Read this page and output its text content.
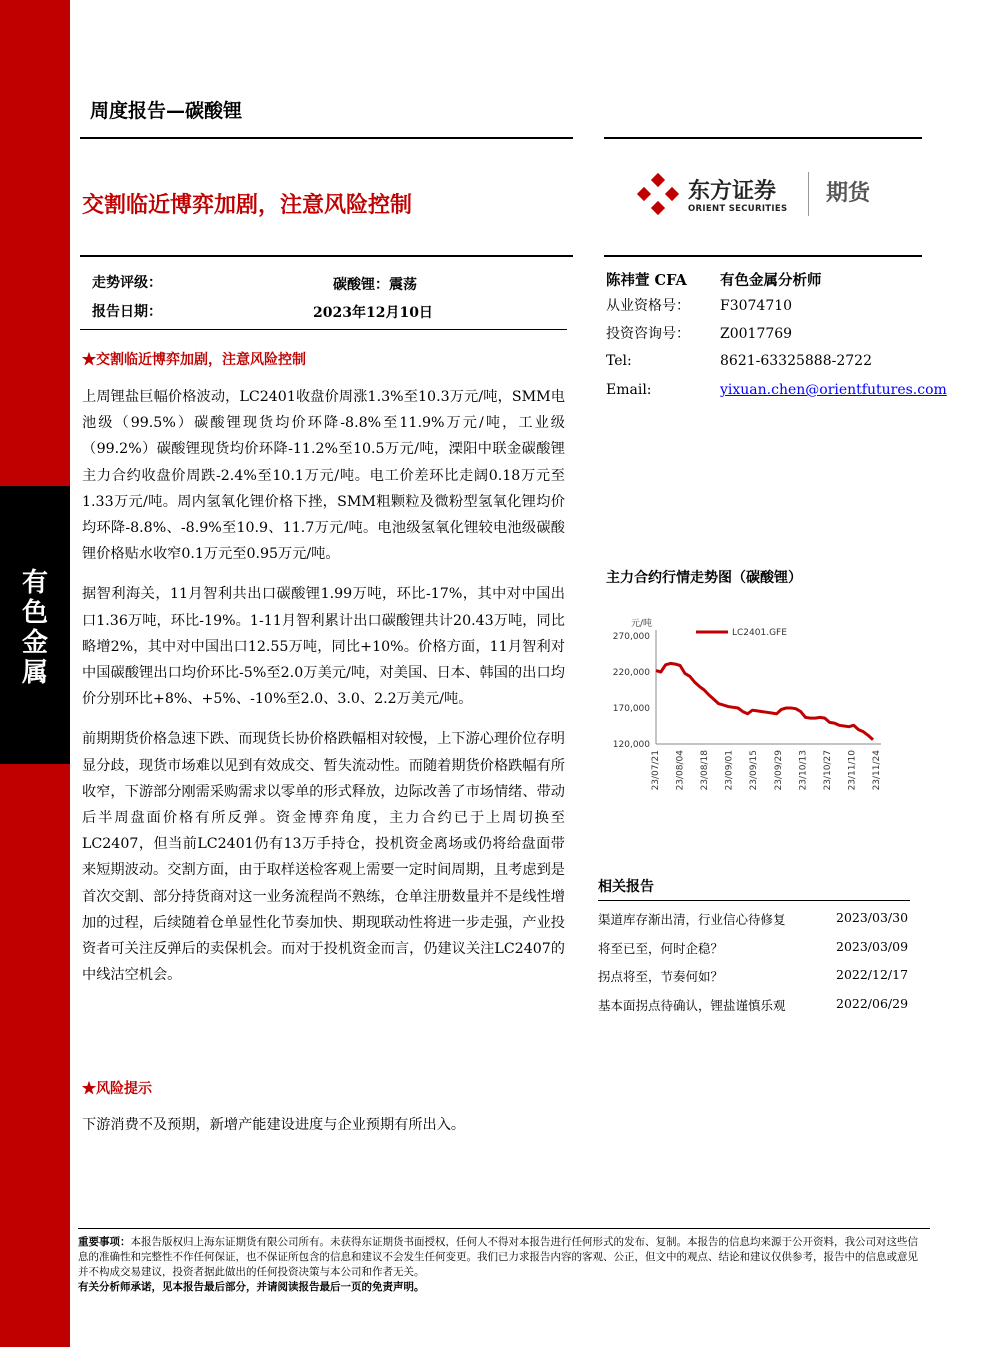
有
色
金
属
周度报告—碳酸锂
交割临近博弈加剧，注意风险控制
东方证券
ORIENT SECURITIES
期货
走势评级：	碳酸锂：震荡
报告日期：	2023年12月10日
陈祎萱 CFA 有色金属分析师
从业资格号： F3074710
投资咨询号： Z0017769
Tel:	8621-63325888-2722
Email:	yixuan.chen@orientfutures.com
★交割临近博弈加剧，注意风险控制

上周锂盐巨幅价格波动，LC2401收盘价周涨1.3%至10.3万元/吨，SMM电池级（99.5%）碳酸锂现货均价环降-8.8%至11.9%万元/吨，工业级（99.2%）碳酸锂现货均价环降-11.2%至10.5万元/吨，溧阳中联金碳酸锂主力合约收盘价周跌-2.4%至10.1万元/吨。电工价差环比走阔0.18万元至1.33万元/吨。周内氢氧化锂价格下挫，SMM粗颗粒及微粉型氢氧化锂均价均环降-8.8%、-8.9%至10.9、11.7万元/吨。电池级氢氧化锂较电池级碳酸锂价格贴水收窄0.1万元至0.95万元/吨。

据智利海关，11月智利共出口碳酸锂1.99万吨，环比-17%，其中对中国出口1.36万吨，环比-19%。1-11月智利累计出口碳酸锂共计20.43万吨，同比略增2%，其中对中国出口12.55万吨，同比+10%。价格方面，11月智利对中国碳酸锂出口均价环比-5%至2.0万美元/吨，对美国、日本、韩国的出口均价分别环比+8%、+5%、-10%至2.0、3.0、2.2万美元/吨。

前期期货价格急速下跌、而现货长协价格跌幅相对较慢，上下游心理价位存明显分歧，现货市场难以见到有效成交、暂失流动性。而随着期货价格跌幅有所收窄，下游部分刚需采购需求以零单的形式释放，边际改善了市场情绪、带动后半周盘面价格有所反弹。资金博弈角度，主力合约已于上周切换至LC2407，但当前LC2401仍有13万手持仓，投机资金离场或仍将给盘面带来短期波动。交割方面，由于取样送检客观上需要一定时间周期，且考虑到是首次交割、部分持货商对这一业务流程尚不熟练，仓单注册数量并不是线性增加的过程，后续随着仓单显性化节奏加快、期现联动性将进一步走强，产业投资者可关注反弹后的卖保机会。而对于投机资金而言，仍建议关注LC2407的中线沽空机会。

★风险提示
下游消费不及预期，新增产能建设进度与企业预期有所出入。
主力合约行情走势图（碳酸锂）
元/吨
270,000
220,000
170,000
120,000
23/07/21 23/08/04 23/08/18 23/09/01 23/09/15 23/09/29 23/10/13 23/10/27 23/11/10 23/11/24
LC2401.GFE
相关报告
渠道库存渐出清，行业信心待修复	2023/03/30
将至已至，何时企稳？	2023/03/09
拐点将至，节奏何如？	2022/12/17
基本面拐点待确认，锂盐谨慎乐观	2022/06/29
重要事项：本报告版权归上海东证期货有限公司所有。未获得东证期货书面授权，任何人不得对本报告进行任何形式的发布、复制。本报告的信息均来源于公开资料，我公司对这些信息的准确性和完整性不作任何保证，也不保证所包含的信息和建议不会发生任何变更。我们已力求报告内容的客观、公正，但文中的观点、结论和建议仅供参考，报告中的信息或意见并不构成交易建议，投资者据此做出的任何投资决策与本公司和作者无关。
有关分析师承诺，见本报告最后部分，并请阅读报告最后一页的免责声明。
